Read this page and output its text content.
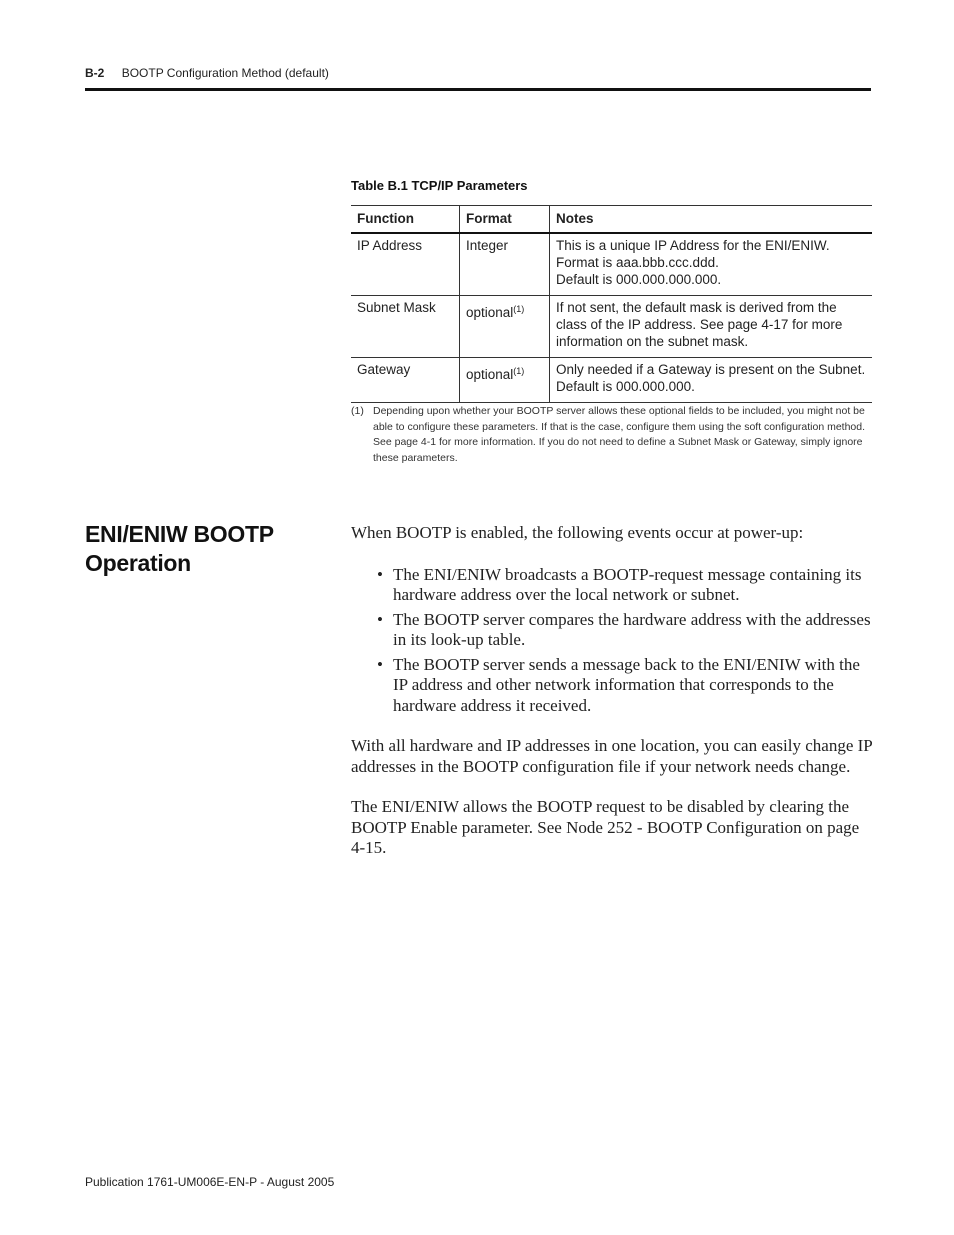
B-2 BOOTP Configuration Method (default)
Table B.1 TCP/IP Parameters
Function	Format	Notes
IP Address	Integer	This is a unique IP Address for the ENI/ENIW.
Format is aaa.bbb.ccc.ddd.
Default is 000.000.000.000.

Subnet Mask	optional$^{(1)}$	If not sent, the default mask is derived from the class of the IP address. See page 4-17 for more information on the subnet mask.

Gateway	optional$^{(1)}$	Only needed if a Gateway is present on the Subnet.
Default is 000.000.000.
(1) Depending upon whether your BOOTP server allows these optional fields to be included, you might not be able to configure these parameters. If that is the case, configure them using the soft configuration method. See page 4-1 for more information. If you do not need to define a Subnet Mask or Gateway, simply ignore these parameters.
ENI/ENIW BOOTP Operation

When BOOTP is enabled, the following events occur at power-up:

• The ENI/ENIW broadcasts a BOOTP-request message containing its hardware address over the local network or subnet.
• The BOOTP server compares the hardware address with the addresses in its look-up table.
• The BOOTP server sends a message back to the ENI/ENIW with the IP address and other network information that corresponds to the hardware address it received.

With all hardware and IP addresses in one location, you can easily change IP addresses in the BOOTP configuration file if your network needs change.

The ENI/ENIW allows the BOOTP request to be disabled by clearing the BOOTP Enable parameter. See Node 252 - BOOTP Configuration on page 4-15.

Publication 1761-UM006E-EN-P - August 2005
